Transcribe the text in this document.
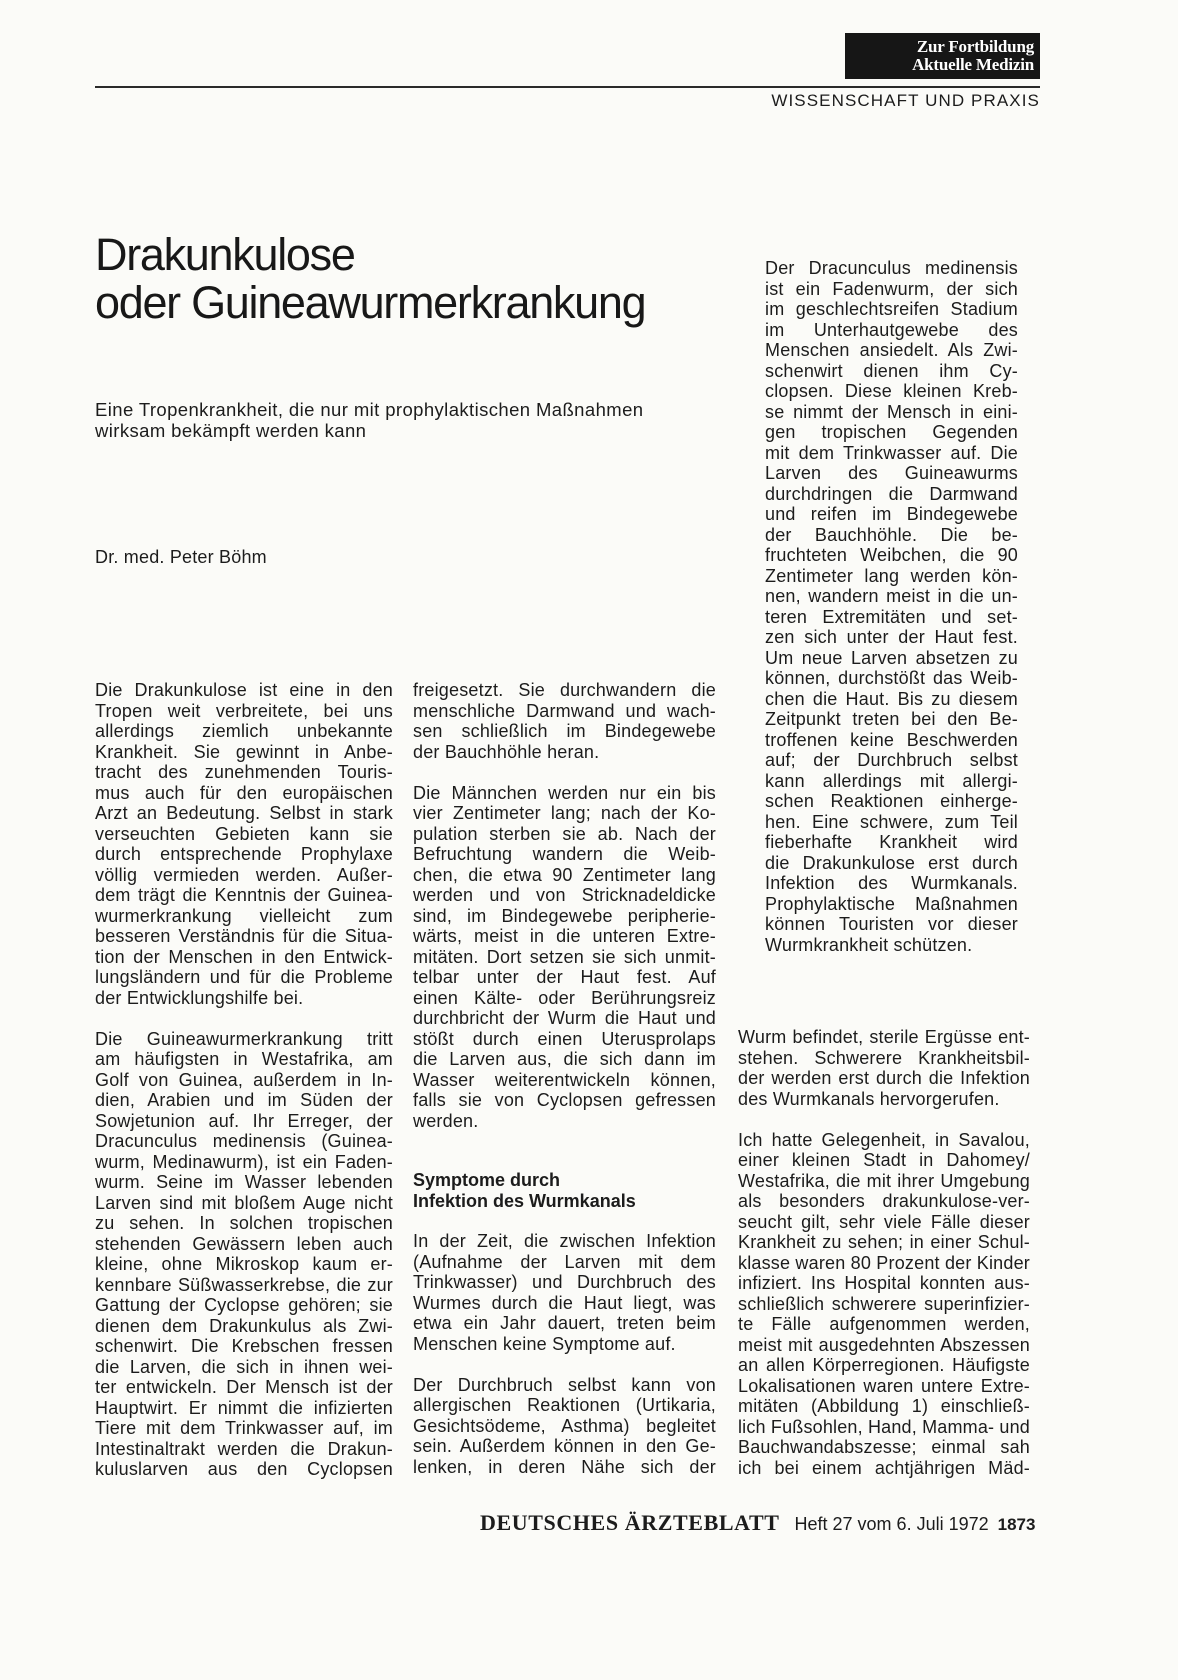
Zur Fortbildung
Aktuelle Medizin
WISSENSCHAFT UND PRAXIS
Drakunkulose
oder Guineawurmerkrankung
Eine Tropenkrankheit, die nur mit prophylaktischen Maßnahmen
wirksam bekämpft werden kann
Dr. med. Peter Böhm
Die Drakunkulose ist eine in den
Tropen weit verbreitete, bei uns
allerdings ziemlich unbekannte
Krankheit. Sie gewinnt in Anbe-
tracht des zunehmenden Touris-
mus auch für den europäischen
Arzt an Bedeutung. Selbst in stark
verseuchten Gebieten kann sie
durch entsprechende Prophylaxe
völlig vermieden werden. Außer-
dem trägt die Kenntnis der Guinea-
wurmerkrankung vielleicht zum
besseren Verständnis für die Situa-
tion der Menschen in den Entwick-
lungsländern und für die Probleme
der Entwicklungshilfe bei.
Die Guineawurmerkrankung tritt
am häufigsten in Westafrika, am
Golf von Guinea, außerdem in In-
dien, Arabien und im Süden der
Sowjetunion auf. Ihr Erreger, der
Dracunculus medinensis (Guinea-
wurm, Medinawurm), ist ein Faden-
wurm. Seine im Wasser lebenden
Larven sind mit bloßem Auge nicht
zu sehen. In solchen tropischen
stehenden Gewässern leben auch
kleine, ohne Mikroskop kaum er-
kennbare Süßwasserkrebse, die zur
Gattung der Cyclopse gehören; sie
dienen dem Drakunkulus als Zwi-
schenwirt. Die Krebschen fressen
die Larven, die sich in ihnen wei-
ter entwickeln. Der Mensch ist der
Hauptwirt. Er nimmt die infizierten
Tiere mit dem Trinkwasser auf, im
Intestinaltrakt werden die Drakun-
kuluslarven aus den Cyclopsen
freigesetzt. Sie durchwandern die
menschliche Darmwand und wach-
sen schließlich im Bindegewebe
der Bauchhöhle heran.
Die Männchen werden nur ein bis
vier Zentimeter lang; nach der Ko-
pulation sterben sie ab. Nach der
Befruchtung wandern die Weib-
chen, die etwa 90 Zentimeter lang
werden und von Stricknadeldicke
sind, im Bindegewebe peripherie-
wärts, meist in die unteren Extre-
mitäten. Dort setzen sie sich unmit-
telbar unter der Haut fest. Auf
einen Kälte- oder Berührungsreiz
durchbricht der Wurm die Haut und
stößt durch einen Uterusprolaps
die Larven aus, die sich dann im
Wasser weiterentwickeln können,
falls sie von Cyclopsen gefressen
werden.
Symptome durch
Infektion des Wurmkanals
In der Zeit, die zwischen Infektion
(Aufnahme der Larven mit dem
Trinkwasser) und Durchbruch des
Wurmes durch die Haut liegt, was
etwa ein Jahr dauert, treten beim
Menschen keine Symptome auf.
Der Durchbruch selbst kann von
allergischen Reaktionen (Urtikaria,
Gesichtsödeme, Asthma) begleitet
sein. Außerdem können in den Ge-
lenken, in deren Nähe sich der
Der Dracunculus medinensis
ist ein Fadenwurm, der sich
im geschlechtsreifen Stadium
im Unterhautgewebe des
Menschen ansiedelt. Als Zwi-
schenwirt dienen ihm Cy-
clopsen. Diese kleinen Kreb-
se nimmt der Mensch in eini-
gen tropischen Gegenden
mit dem Trinkwasser auf. Die
Larven des Guineawurms
durchdringen die Darmwand
und reifen im Bindegewebe
der Bauchhöhle. Die be-
fruchteten Weibchen, die 90
Zentimeter lang werden kön-
nen, wandern meist in die un-
teren Extremitäten und set-
zen sich unter der Haut fest.
Um neue Larven absetzen zu
können, durchstößt das Weib-
chen die Haut. Bis zu diesem
Zeitpunkt treten bei den Be-
troffenen keine Beschwerden
auf; der Durchbruch selbst
kann allerdings mit allergi-
schen Reaktionen einherge-
hen. Eine schwere, zum Teil
fieberhafte Krankheit wird
die Drakunkulose erst durch
Infektion des Wurmkanals.
Prophylaktische Maßnahmen
können Touristen vor dieser
Wurmkrankheit schützen.
Wurm befindet, sterile Ergüsse ent-
stehen. Schwerere Krankheitsbil-
der werden erst durch die Infektion
des Wurmkanals hervorgerufen.
Ich hatte Gelegenheit, in Savalou,
einer kleinen Stadt in Dahomey/
Westafrika, die mit ihrer Umgebung
als besonders drakunkulose-ver-
seucht gilt, sehr viele Fälle dieser
Krankheit zu sehen; in einer Schul-
klasse waren 80 Prozent der Kinder
infiziert. Ins Hospital konnten aus-
schließlich schwerere superinfizier-
te Fälle aufgenommen werden,
meist mit ausgedehnten Abszessen
an allen Körperregionen. Häufigste
Lokalisationen waren untere Extre-
mitäten (Abbildung 1) einschließ-
lich Fußsohlen, Hand, Mamma- und
Bauchwandabszesse; einmal sah
ich bei einem achtjährigen Mäd-
DEUTSCHES ÄRZTEBLATT Heft 27 vom 6. Juli 1972 1873
